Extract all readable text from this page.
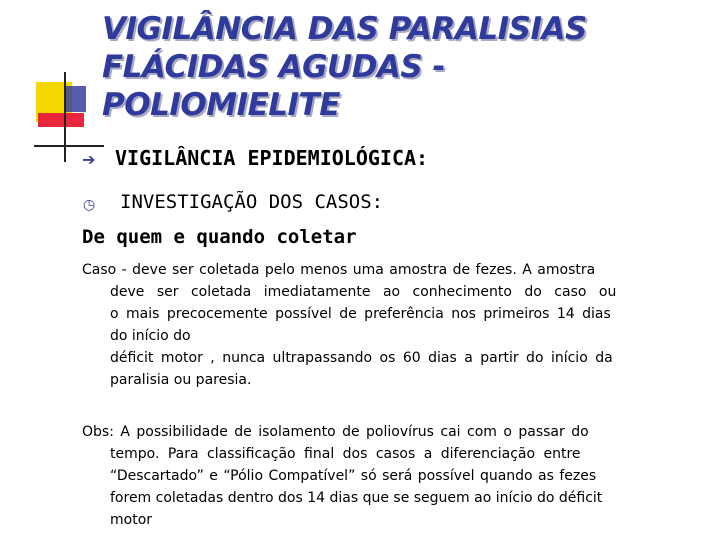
VIGILÂNCIA DAS PARALISIAS
FLÁCIDAS AGUDAS -
POLIOMIELITE
➔ VIGILÂNCIA EPIDEMIOLÓGICA:
◷ INVESTIGAÇÃO DOS CASOS:
De quem e quando coletar
Caso - deve ser coletada pelo menos uma amostra de fezes. A amostra
deve ser coletada imediatamente ao conhecimento do caso ou
o mais precocemente possível de preferência nos primeiros 14 dias
do início do
déficit motor , nunca ultrapassando os 60 dias a partir do início da
paralisia ou paresia.
Obs: A possibilidade de isolamento de poliovírus cai com o passar do
tempo. Para classificação final dos casos a diferenciação entre
“Descartado” e “Pólio Compatível” só será possível quando as fezes
forem coletadas dentro dos 14 dias que se seguem ao início do déficit
motor
